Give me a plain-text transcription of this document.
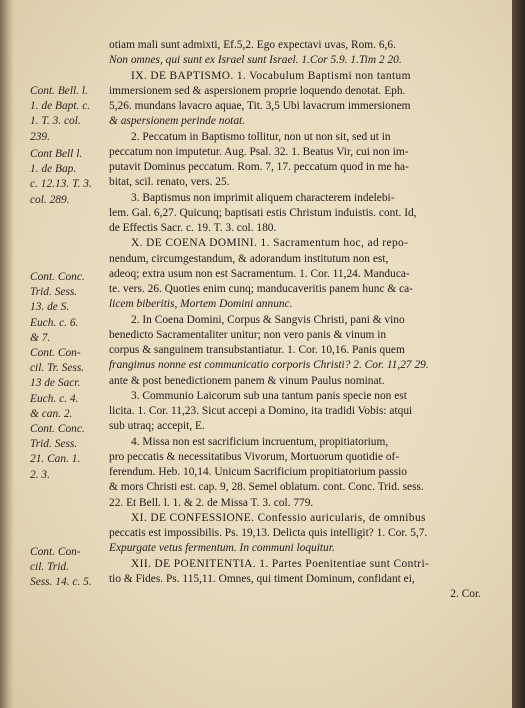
Cont. Bell. l.
1. de Bapt. c.
1. T. 3. col.
239.
Cont Bell l.
1. de Bap.
c. 12.13. T. 3.
col. 289.
Cont. Conc.
Trid. Sess.
13. de S.
Euch. c. 6.
& 7.
Cont. Con-
cil. Tr. Sess.
13 de Sacr.
Euch. c. 4.
& can. 2.
Cont. Conc.
Trid. Sess.
21. Can. 1.
2. 3.
Cont. Con-
cil. Trid.
Sess. 14. c. 5.
otiam mali sunt admixti, Ef.5,2. Ego expectavi uvas, Rom. 6,6.
Non omnes, qui sunt ex Israel sunt Israel. 1.Cor 5.9. 1.Tim 2 20.
IX. DE BAPTISMO. 1. Vocabulum Baptismi non tantum
immersionem sed & aspersionem proprie loquendo denotat. Eph.
5,26. mundans lavacro aquae, Tit. 3,5 Ubi lavacrum immersionem
& aspersionem perinde notat.
2. Peccatum in Baptismo tollitur, non ut non sit, sed ut in
peccatum non imputetur. Aug. Psal. 32. 1. Beatus Vir, cui non im-
putavit Dominus peccatum. Rom. 7, 17. peccatum quod in me ha-
bitat, scil. renato, vers. 25.
3. Baptismus non imprimit aliquem characterem indelebi-
lem. Gal. 6,27. Quicunq; baptisati estis Christum induistis. cont. Id,
de Effectis Sacr. c. 19. T. 3. col. 180.
X. DE COENA DOMINI. 1. Sacramentum hoc, ad repo-
nendum, circumgestandum, & adorandum institutum non est,
adeoq; extra usum non est Sacramentum. 1. Cor. 11,24. Manduca-
te. vers. 26. Quoties enim cunq; manducaveritis panem hunc & ca-
licem biberitis, Mortem Domini annunc.
2. In Coena Domini, Corpus & Sangvis Christi, pani & vino
benedicto Sacramentaliter unitur; non vero panis & vinum in
corpus & sanguinem transubstantiatur. 1. Cor. 10,16. Panis quem
frangimus nonne est communicatio corporis Christi? 2. Cor. 11,27 29.
ante & post benedictionem panem & vinum Paulus nominat.
3. Communio Laicorum sub una tantum panis specie non est
licita. 1. Cor. 11,23. Sicut accepi a Domino, ita tradidi Vobis: atqui
sub utraq; accepit, E.
4. Missa non est sacrificium incruentum, propitiatorium,
pro peccatis & necessitatibus Vivorum, Mortuorum quotidie of-
ferendum. Heb. 10,14. Unicum Sacrificium propitiatorium passio
& mors Christi est. cap. 9, 28. Semel oblatum. cont. Conc. Trid. sess.
22. Et Bell. l. 1. & 2. de Missa T. 3. col. 779.
XI. DE CONFESSIONE. Confessio auricularis, de omnibus
peccatis est impossibilis. Ps. 19,13. Delicta quis intelligit? 1. Cor. 5,7.
Expurgate vetus fermentum. In communi loquitur.
XII. DE POENITENTIA. 1. Partes Poenitentiae sunt Contri-
tio & Fides. Ps. 115,11. Omnes, qui timent Dominum, confidant ei,
2. Cor.
